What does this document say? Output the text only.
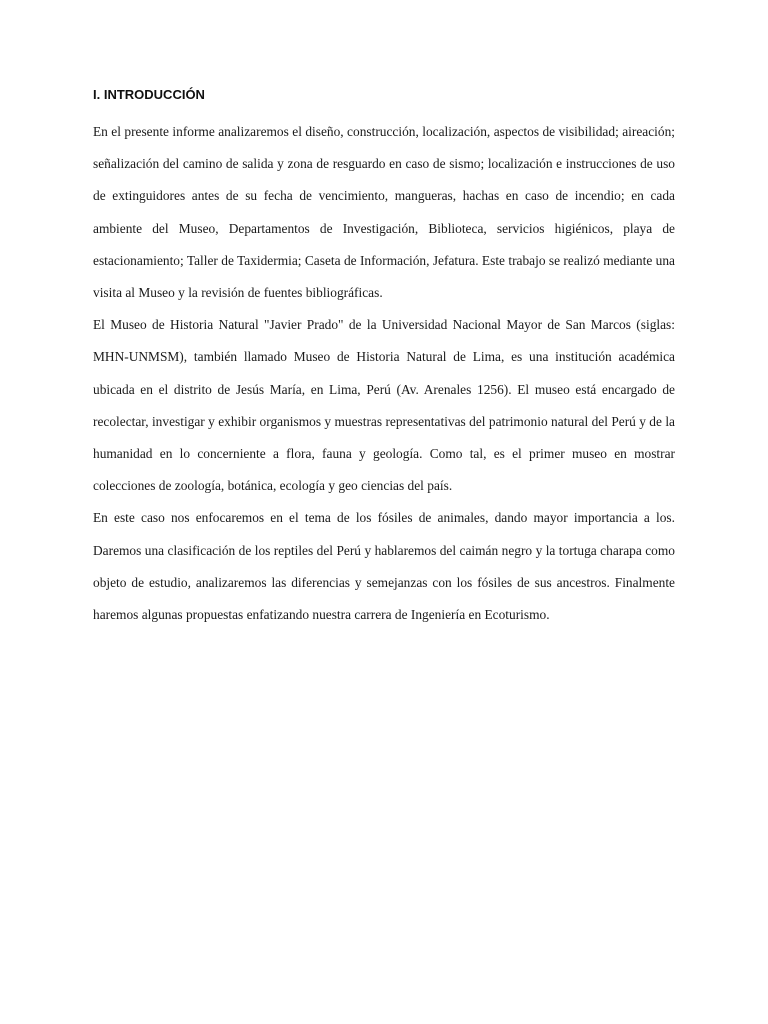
I. INTRODUCCIÓN

En el presente informe analizaremos el diseño, construcción, localización, aspectos de visibilidad; aireación; señalización del camino de salida y zona de resguardo en caso de sismo; localización e instrucciones de uso de extinguidores antes de su fecha de vencimiento, mangueras, hachas en caso de incendio; en cada ambiente del Museo, Departamentos de Investigación, Biblioteca, servicios higiénicos, playa de estacionamiento; Taller de Taxidermia; Caseta de Información, Jefatura. Este trabajo se realizó mediante una visita al Museo y la revisión de fuentes bibliográficas.

El Museo de Historia Natural "Javier Prado" de la Universidad Nacional Mayor de San Marcos (siglas: MHN-UNMSM), también llamado Museo de Historia Natural de Lima, es una institución académica ubicada en el distrito de Jesús María, en Lima, Perú (Av. Arenales 1256). El museo está encargado de recolectar, investigar y exhibir organismos y muestras representativas del patrimonio natural del Perú y de la humanidad en lo concerniente a flora, fauna y geología. Como tal, es el primer museo en mostrar colecciones de zoología, botánica, ecología y geo ciencias del país.

En este caso nos enfocaremos en el tema de los fósiles de animales, dando mayor importancia a los. Daremos una clasificación de los reptiles del Perú y hablaremos del caimán negro y la tortuga charapa como objeto de estudio, analizaremos las diferencias y semejanzas con los fósiles de sus ancestros. Finalmente haremos algunas propuestas enfatizando nuestra carrera de Ingeniería en Ecoturismo.
